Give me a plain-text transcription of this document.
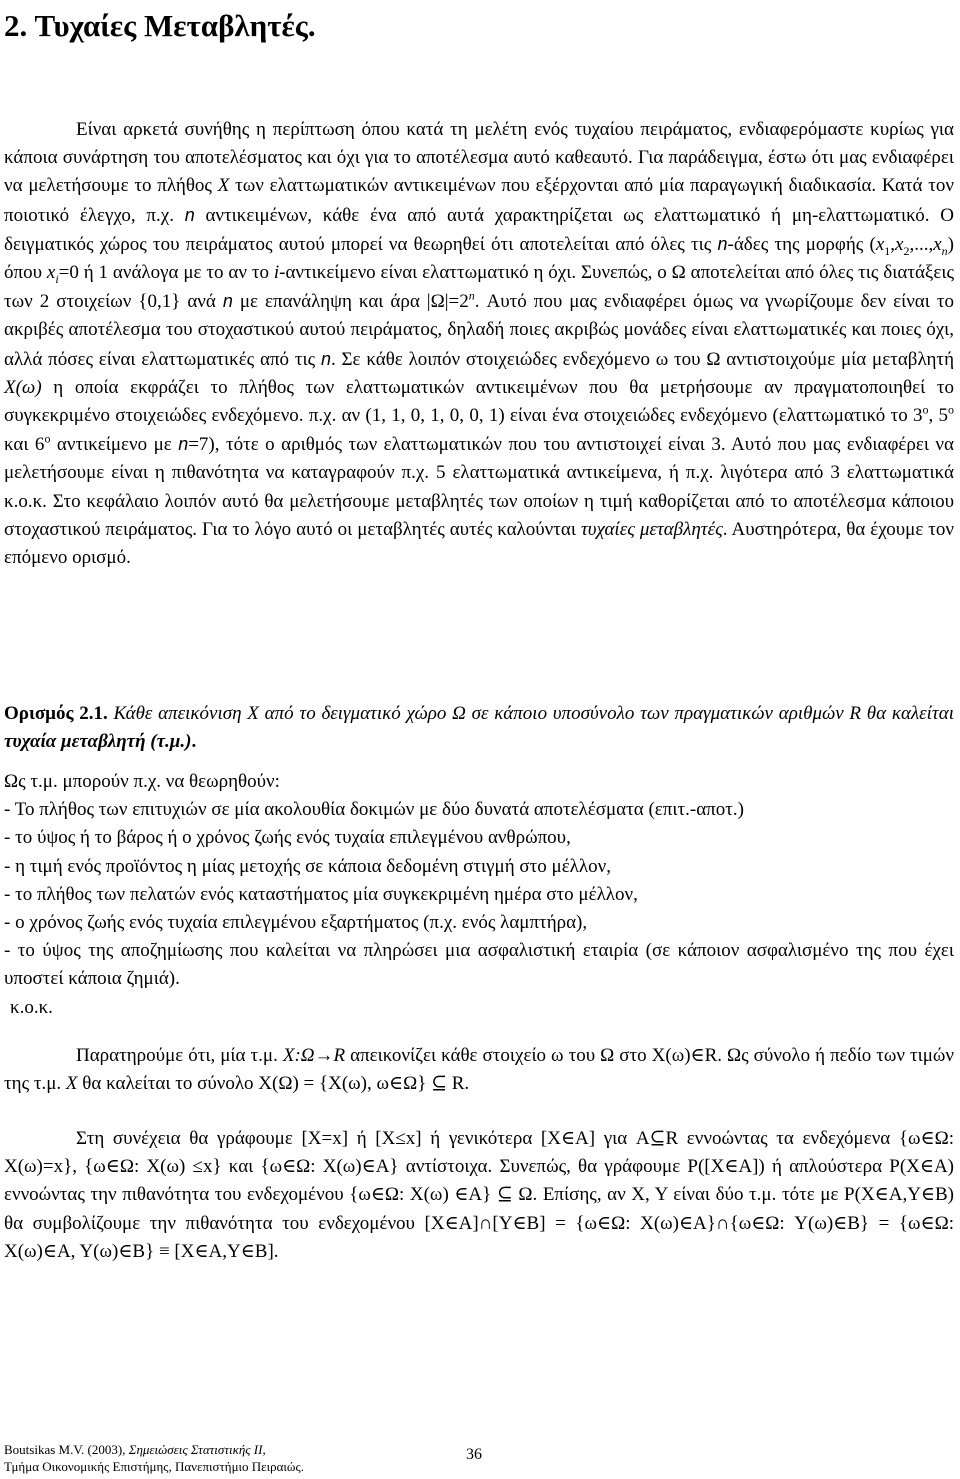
2. Τυχαίες Μεταβλητές.

Είναι αρκετά συνήθης η περίπτωση όπου κατά τη μελέτη ενός τυχαίου πειράματος, ενδιαφερόμαστε κυρίως για κάποια συνάρτηση του αποτελέσματος και όχι για το αποτέλεσμα αυτό καθεαυτό. Για παράδειγμα, έστω ότι μας ενδιαφέρει να μελετήσουμε το πλήθος X των ελαττωματικών αντικειμένων που εξέρχονται από μία παραγωγική διαδικασία. Κατά τον ποιοτικό έλεγχο, π.χ. n αντικειμένων, κάθε ένα από αυτά χαρακτηρίζεται ως ελαττωματικό ή μη-ελαττωματικό. Ο δειγματικός χώρος του πειράματος αυτού μπορεί να θεωρηθεί ότι αποτελείται από όλες τις n-άδες της μορφής $(x_1,x_2,...,x_n)$ όπου $x_i=0$ ή 1 ανάλογα με το αν το i-αντικείμενο είναι ελαττωματικό η όχι. Συνεπώς, ο Ω αποτελείται από όλες τις διατάξεις των 2 στοιχείων {0,1} ανά n με επανάληψη και άρα $|\Omega|=2^n$. Αυτό που μας ενδιαφέρει όμως να γνωρίζουμε δεν είναι το ακριβές αποτέλεσμα του στοχαστικού αυτού πειράματος, δηλαδή ποιες ακριβώς μονάδες είναι ελαττωματικές και ποιες όχι, αλλά πόσες είναι ελαττωματικές από τις n. Σε κάθε λοιπόν στοιχειώδες ενδεχόμενο ω του Ω αντιστοιχούμε μία μεταβλητή X(ω) η οποία εκφράζει το πλήθος των ελαττωματικών αντικειμένων που θα μετρήσουμε αν πραγματοποιηθεί το συγκεκριμένο στοιχειώδες ενδεχόμενο. π.χ. αν (1, 1, 0, 1, 0, 0, 1) είναι ένα στοιχειώδες ενδεχόμενο (ελαττωματικό το $3^o$, $5^o$ και $6^o$ αντικείμενο με n=7), τότε ο αριθμός των ελαττωματικών που του αντιστοιχεί είναι 3. Αυτό που μας ενδιαφέρει να μελετήσουμε είναι η πιθανότητα να καταγραφούν π.χ. 5 ελαττωματικά αντικείμενα, ή π.χ. λιγότερα από 3 ελαττωματικά κ.ο.κ. Στο κεφάλαιο λοιπόν αυτό θα μελετήσουμε μεταβλητές των οποίων η τιμή καθορίζεται από το αποτέλεσμα κάποιου στοχαστικού πειράματος. Για το λόγο αυτό οι μεταβλητές αυτές καλούνται τυχαίες μεταβλητές. Αυστηρότερα, θα έχουμε τον επόμενο ορισμό.

Ορισμός 2.1. Κάθε απεικόνιση X από το δειγματικό χώρο Ω σε κάποιο υποσύνολο των πραγματικών αριθμών R θα καλείται τυχαία μεταβλητή (τ.μ.).

Ως τ.μ. μπορούν π.χ. να θεωρηθούν:
- Το πλήθος των επιτυχιών σε μία ακολουθία δοκιμών με δύο δυνατά αποτελέσματα (επιτ.-αποτ.)
- το ύψος ή το βάρος ή ο χρόνος ζωής ενός τυχαία επιλεγμένου ανθρώπου,
- η τιμή ενός προϊόντος η μίας μετοχής σε κάποια δεδομένη στιγμή στο μέλλον,
- το πλήθος των πελατών ενός καταστήματος μία συγκεκριμένη ημέρα στο μέλλον,
- ο χρόνος ζωής ενός τυχαία επιλεγμένου εξαρτήματος (π.χ. ενός λαμπτήρα),
- το ύψος της αποζημίωσης που καλείται να πληρώσει μια ασφαλιστική εταιρία (σε κάποιον ασφαλισμένο της που έχει υποστεί κάποια ζημιά).
κ.ο.κ.

Παρατηρούμε ότι, μία τ.μ. X:Ω→R απεικονίζει κάθε στοιχείο ω του Ω στο X(ω)∈R. Ως σύνολο ή πεδίο των τιμών της τ.μ. X θα καλείται το σύνολο X(Ω) = {X(ω), ω∈Ω} ⊆ R.

Στη συνέχεια θα γράφουμε [X=x] ή [X≤x] ή γενικότερα [X∈A] για A⊆R εννοώντας τα ενδεχόμενα {ω∈Ω: X(ω)=x}, {ω∈Ω: X(ω) ≤x} και {ω∈Ω: X(ω)∈A} αντίστοιχα. Συνεπώς, θα γράφουμε P([X∈A]) ή απλούστερα P(X∈A) εννοώντας την πιθανότητα του ενδεχομένου {ω∈Ω: X(ω) ∈A} ⊆ Ω. Επίσης, αν X, Y είναι δύο τ.μ. τότε με P(X∈A,Y∈B) θα συμβολίζουμε την πιθανότητα του ενδεχομένου [X∈A]∩[Y∈B] = {ω∈Ω: X(ω)∈A}∩{ω∈Ω: Y(ω)∈B} = {ω∈Ω: X(ω)∈A, Y(ω)∈B} ≡ [X∈A,Y∈B].

Boutsikas M.V. (2003), Σημειώσεις Στατιστικής ΙΙ,
Τμήμα Οικονομικής Επιστήμης, Πανεπιστήμιο Πειραιώς.
36
